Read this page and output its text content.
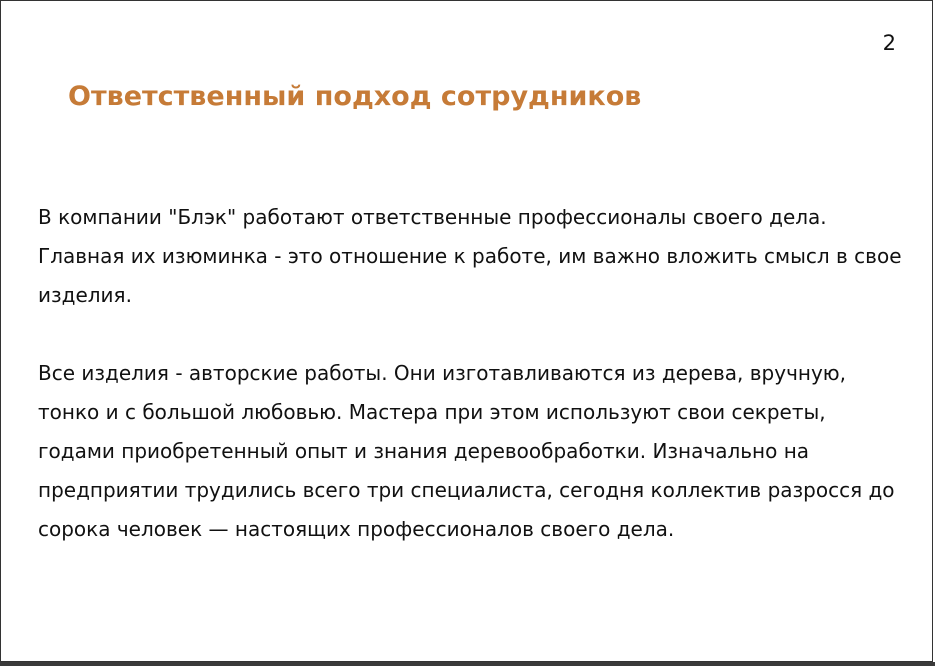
2
Ответственный подход сотрудников

В компании "Блэк" работают ответственные профессионалы своего дела. Главная их изюминка - это отношение к работе, им важно вложить смысл в свое изделия.

Все изделия - авторские работы. Они изготавливаются из дерева, вручную, тонко и с большой любовью. Мастера при этом используют свои секреты, годами приобретенный опыт и знания деревообработки. Изначально на предприятии трудились всего три специалиста, сегодня коллектив разросся до сорока человек — настоящих профессионалов своего дела.
